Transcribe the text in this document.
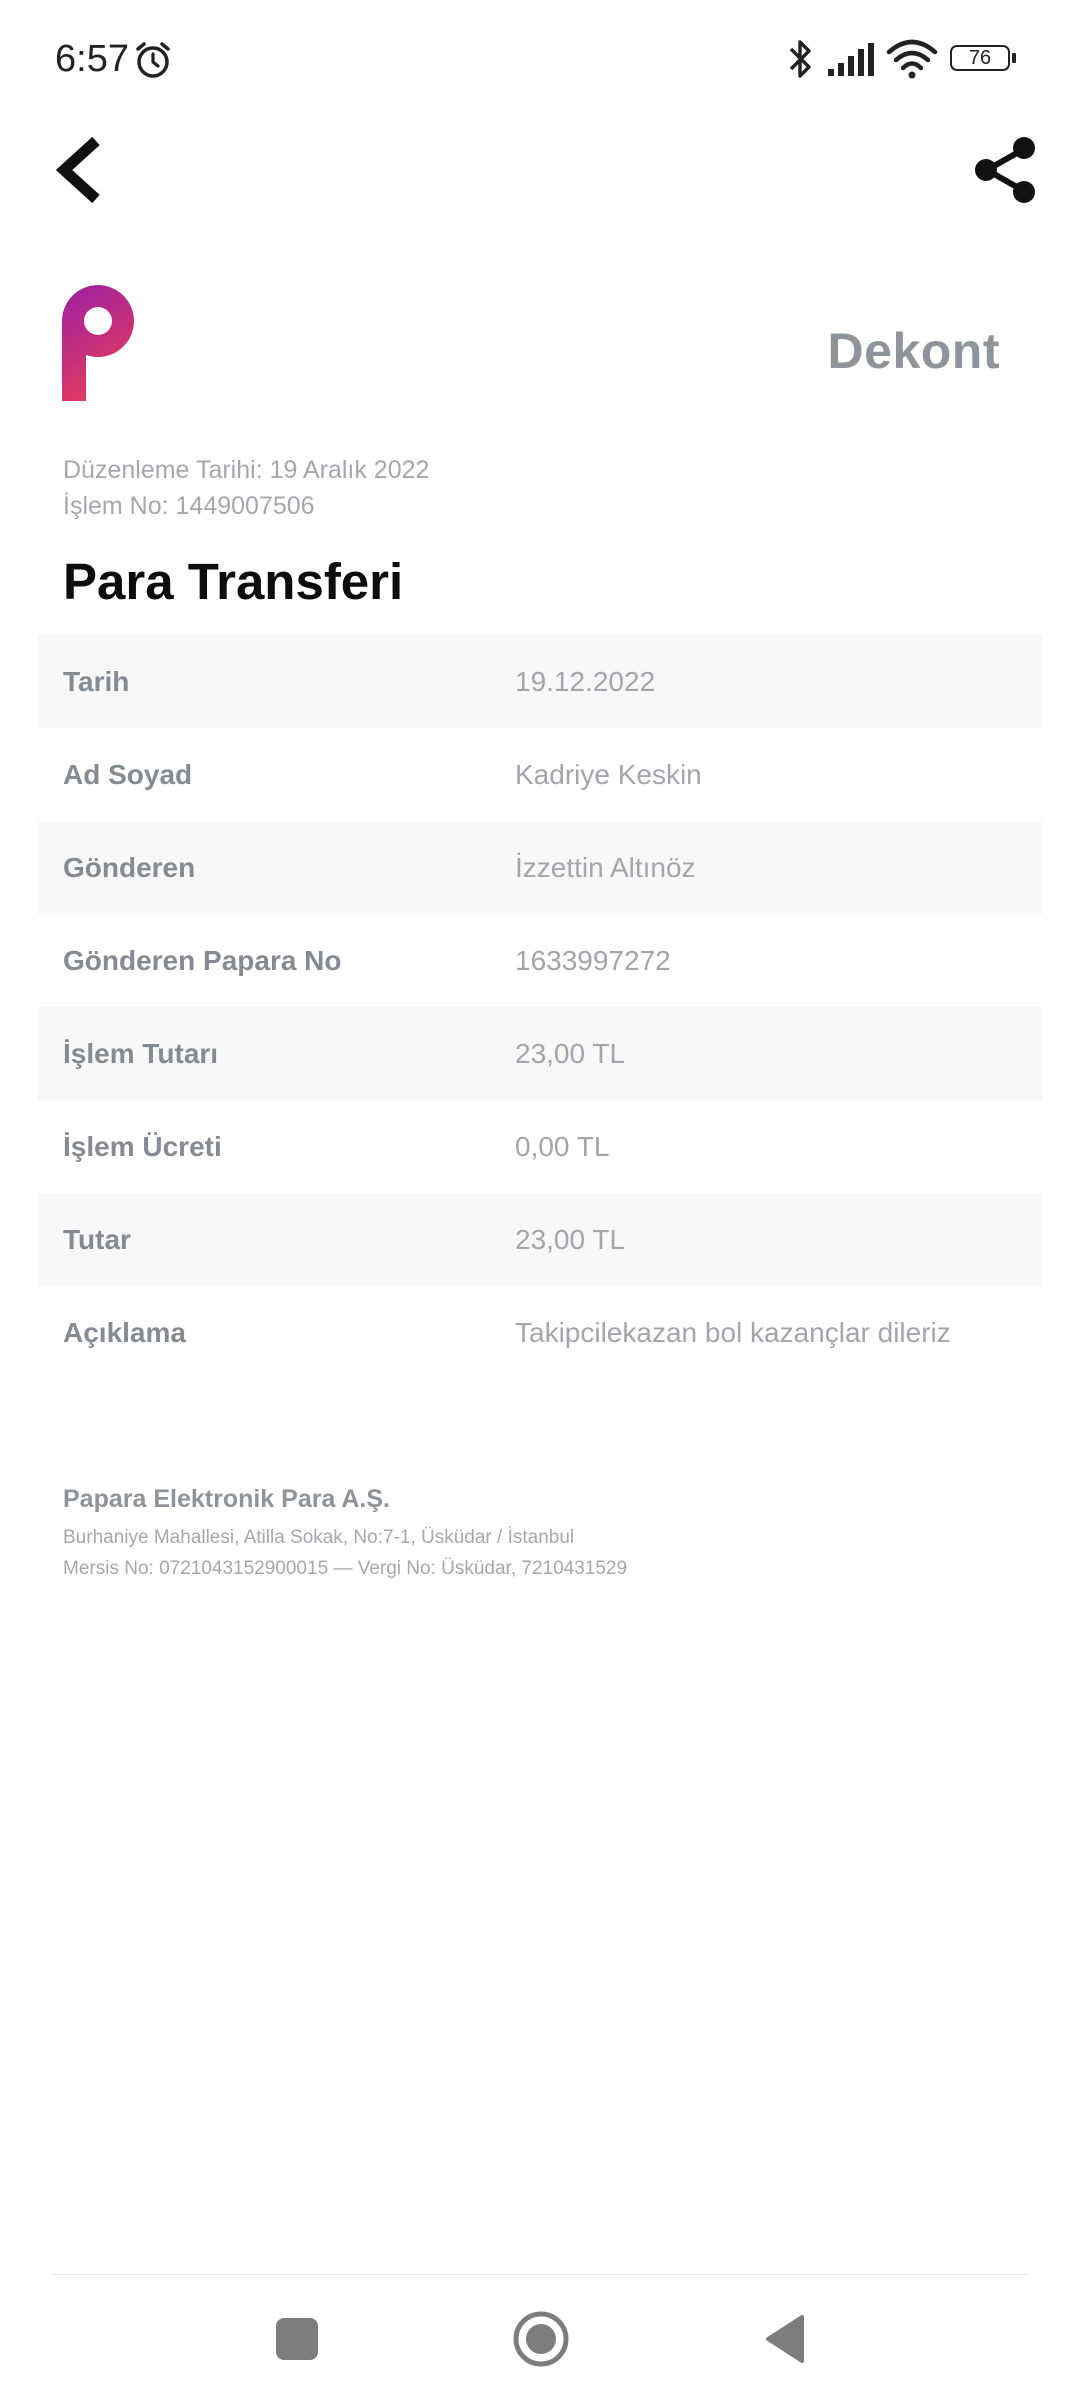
6:57	76
Dekont
Düzenleme Tarihi: 19 Aralık 2022
İşlem No: 1449007506
Para Transferi
Tarih	19.12.2022
Ad Soyad	Kadriye Keskin
Gönderen	İzzettin Altınöz
Gönderen Papara No	1633997272
İşlem Tutarı	23,00 TL
İşlem Ücreti	0,00 TL
Tutar	23,00 TL
Açıklama	Takipcilekazan bol kazançlar dileriz
Papara Elektronik Para A.Ş.
Burhaniye Mahallesi, Atilla Sokak, No:7-1, Üsküdar / İstanbul
Mersis No: 0721043152900015 — Vergi No: Üsküdar, 7210431529
